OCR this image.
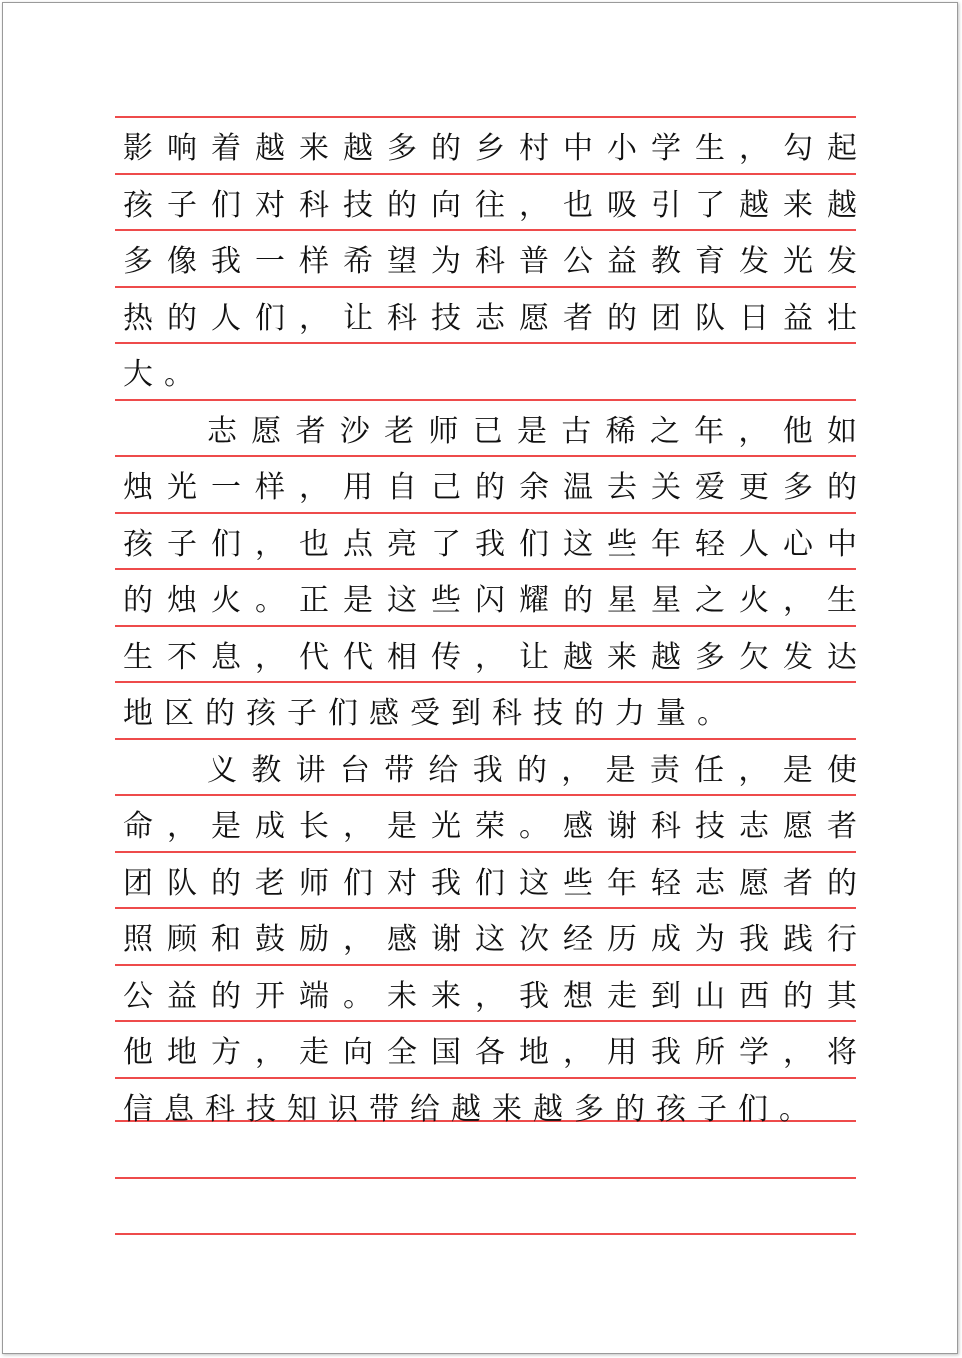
影响着越来越多的乡村中小学生，勾起
孩子们对科技的向往，也吸引了越来越
多像我一样希望为科普公益教育发光发
热的人们，让科技志愿者的团队日益壮
大。
志愿者沙老师已是古稀之年，他如
烛光一样，用自己的余温去关爱更多的
孩子们，也点亮了我们这些年轻人心中
的烛火。正是这些闪耀的星星之火，生
生不息，代代相传，让越来越多欠发达
地区的孩子们感受到科技的力量。
义教讲台带给我的，是责任，是使
命，是成长，是光荣。感谢科技志愿者
团队的老师们对我们这些年轻志愿者的
照顾和鼓励，感谢这次经历成为我践行
公益的开端。未来，我想走到山西的其
他地方，走向全国各地，用我所学，将
信息科技知识带给越来越多的孩子们。
